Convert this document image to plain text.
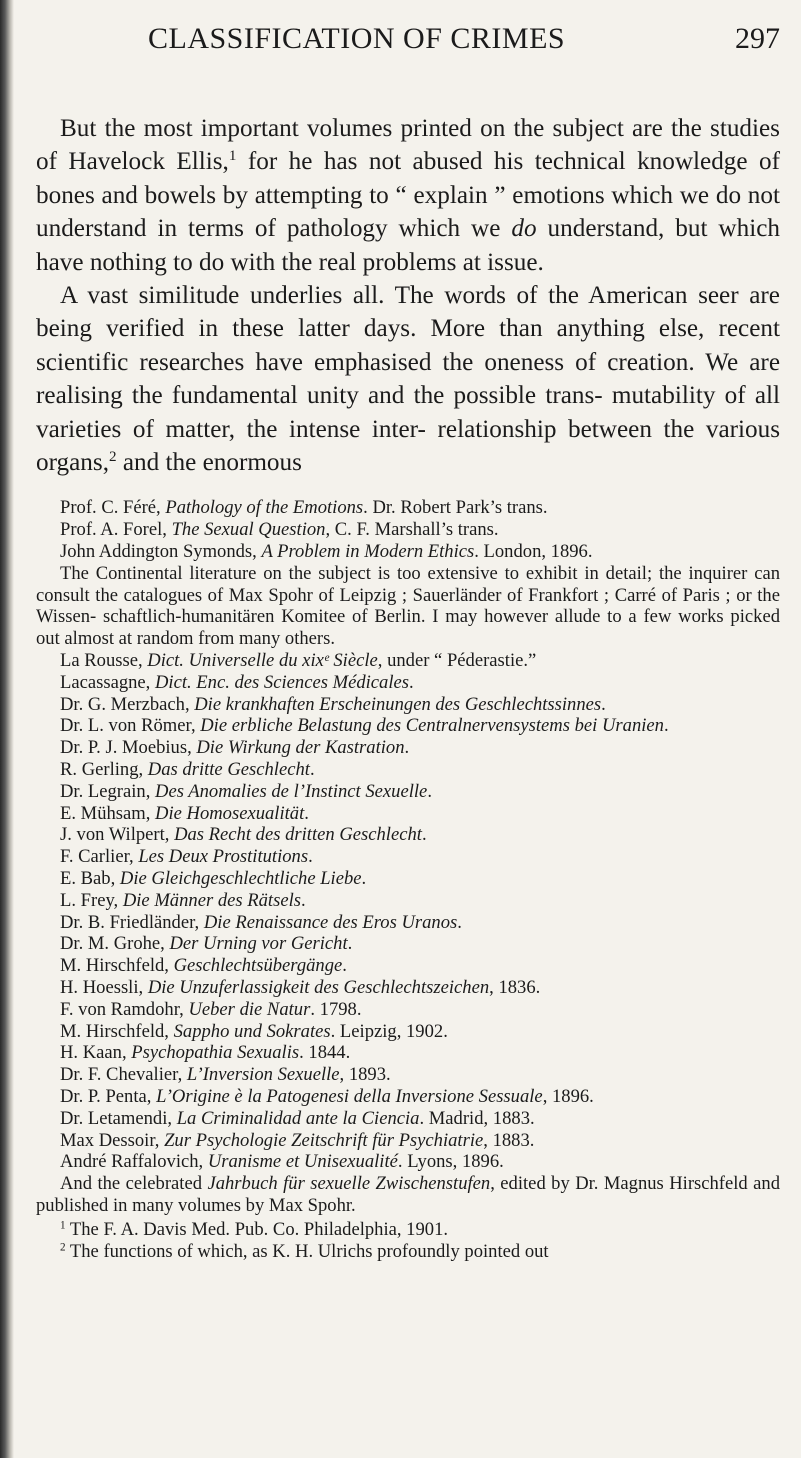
CLASSIFICATION OF CRIMES	297

But the most important volumes printed on the subject are the studies of Havelock Ellis,$^1$ for he has not abused his technical knowledge of bones and bowels by attempting to “ explain ” emotions which we do not understand in terms of pathology which we do understand, but which have nothing to do with the real problems at issue.

A vast similitude underlies all. The words of the American seer are being verified in these latter days. More than anything else, recent scientific researches have emphasised the oneness of creation. We are realising the fundamental unity and the possible trans- mutability of all varieties of matter, the intense inter- relationship between the various organs,$^2$ and the enormous

Prof. C. Féré, Pathology of the Emotions. Dr. Robert Park’s trans.

Prof. A. Forel, The Sexual Question, C. F. Marshall’s trans.

John Addington Symonds, A Problem in Modern Ethics. London, 1896.

The Continental literature on the subject is too extensive to exhibit in detail; the inquirer can consult the catalogues of Max Spohr of Leipzig ; Sauerländer of Frankfort ; Carré of Paris ; or the Wissen- schaftlich-humanitären Komitee of Berlin. I may however allude to a few works picked out almost at random from many others.

La Rousse, Dict. Universelle du xixᵉ Siècle, under “ Péderastie.”

Lacassagne, Dict. Enc. des Sciences Médicales.

Dr. G. Merzbach, Die krankhaften Erscheinungen des Geschlechtssinnes.

Dr. L. von Römer, Die erbliche Belastung des Centralnervensystems bei Uranien.

Dr. P. J. Moebius, Die Wirkung der Kastration.

R. Gerling, Das dritte Geschlecht.

Dr. Legrain, Des Anomalies de l’Instinct Sexuelle.

E. Mühsam, Die Homosexualität.

J. von Wilpert, Das Recht des dritten Geschlecht.

F. Carlier, Les Deux Prostitutions.

E. Bab, Die Gleichgeschlechtliche Liebe.

L. Frey, Die Männer des Rätsels.

Dr. B. Friedländer, Die Renaissance des Eros Uranos.

Dr. M. Grohe, Der Urning vor Gericht.

M. Hirschfeld, Geschlechtsübergänge.

H. Hoessli, Die Unzuferlassigkeit des Geschlechtszeichen, 1836.

F. von Ramdohr, Ueber die Natur. 1798.

M. Hirschfeld, Sappho und Sokrates. Leipzig, 1902.

H. Kaan, Psychopathia Sexualis. 1844.

Dr. F. Chevalier, L’Inversion Sexuelle, 1893.

Dr. P. Penta, L’Origine è la Patogenesi della Inversione Sessuale, 1896.

Dr. Letamendi, La Criminalidad ante la Ciencia. Madrid, 1883.

Max Dessoir, Zur Psychologie Zeitschrift für Psychiatrie, 1883.

André Raffalovich, Uranisme et Unisexualité. Lyons, 1896.

And the celebrated Jahrbuch für sexuelle Zwischenstufen, edited by Dr. Magnus Hirschfeld and published in many volumes by Max Spohr.

$^1$ The F. A. Davis Med. Pub. Co. Philadelphia, 1901.

$^2$ The functions of which, as K. H. Ulrichs profoundly pointed out
